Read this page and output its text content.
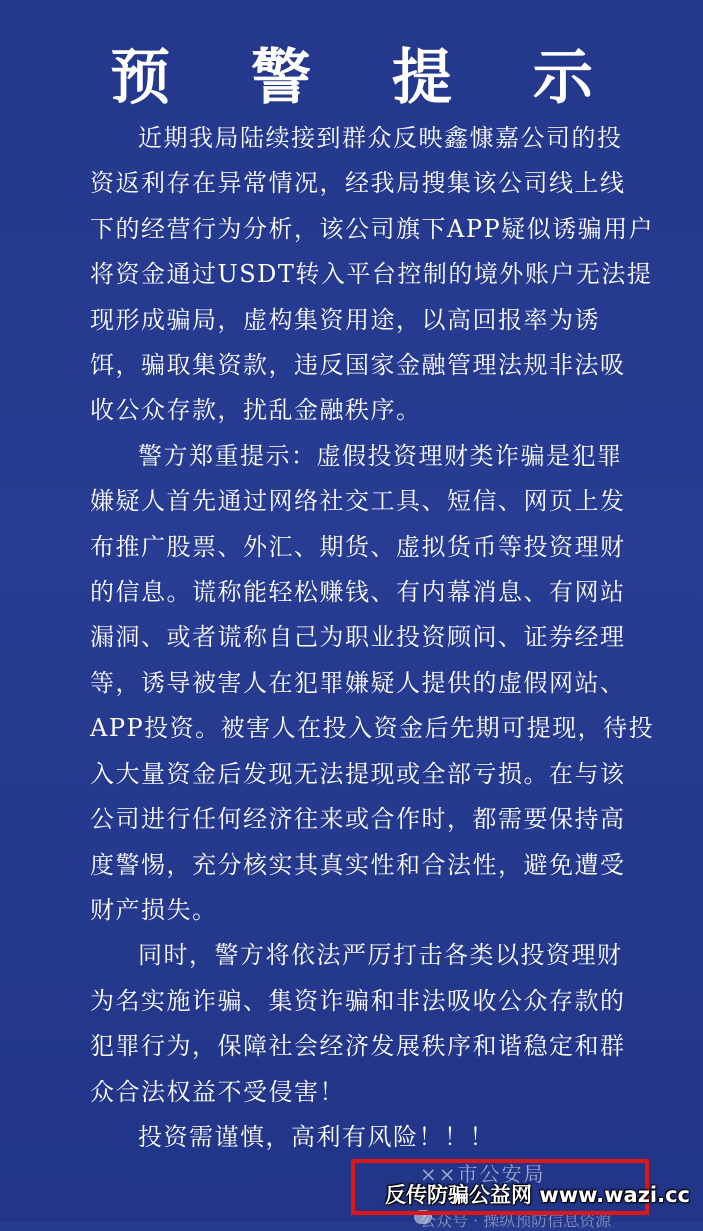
预 警 提 示

近期我局陆续接到群众反映鑫慷嘉公司的投
资返利存在异常情况，经我局搜集该公司线上线
下的经营行为分析，该公司旗下APP疑似诱骗用户
将资金通过USDT转入平台控制的境外账户无法提
现形成骗局，虚构集资用途，以高回报率为诱
饵，骗取集资款，违反国家金融管理法规非法吸
收公众存款，扰乱金融秩序。

警方郑重提示：虚假投资理财类诈骗是犯罪
嫌疑人首先通过网络社交工具、短信、网页上发
布推广股票、外汇、期货、虚拟货币等投资理财
的信息。谎称能轻松赚钱、有内幕消息、有网站
漏洞、或者谎称自己为职业投资顾问、证券经理
等，诱导被害人在犯罪嫌疑人提供的虚假网站、
APP投资。被害人在投入资金后先期可提现，待投
入大量资金后发现无法提现或全部亏损。在与该
公司进行任何经济往来或合作时，都需要保持高
度警惕，充分核实其真实性和合法性，避免遭受
财产损失。

同时，警方将依法严厉打击各类以投资理财
为名实施诈骗、集资诈骗和非法吸收公众存款的
犯罪行为，保障社会经济发展秩序和谐稳定和群
众合法权益不受侵害！

投资需谨慎，高利有风险！！！

××市公安局
公众号 · 操纵预防信息资源
反传防骗公益网 www.wazi.cc
